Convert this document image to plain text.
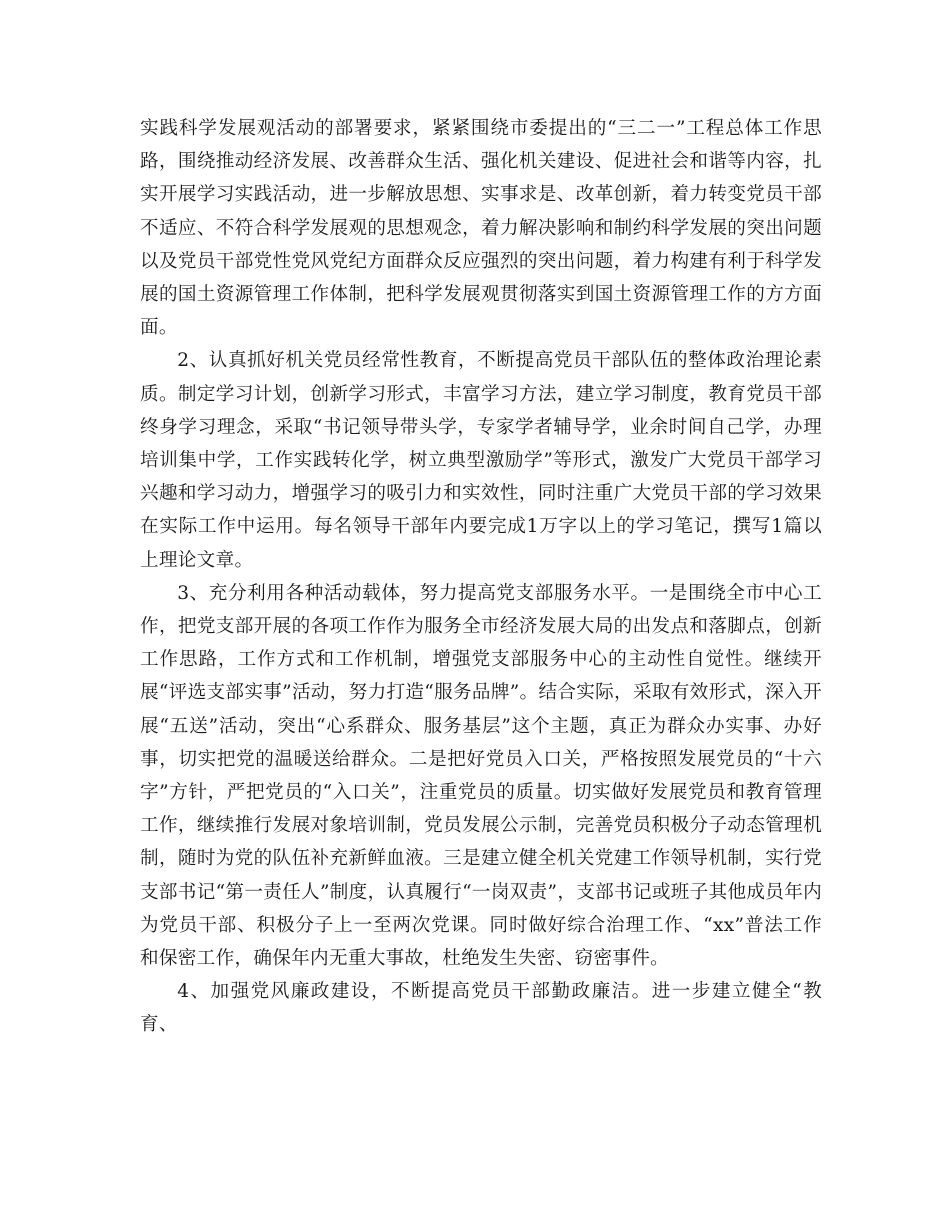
实践科学发展观活动的部署要求，紧紧围绕市委提出的“三二一”工程总体工作思路，围绕推动经济发展、改善群众生活、强化机关建设、促进社会和谐等内容，扎实开展学习实践活动，进一步解放思想、实事求是、改革创新，着力转变党员干部不适应、不符合科学发展观的思想观念，着力解决影响和制约科学发展的突出问题以及党员干部党性党风党纪方面群众反应强烈的突出问题，着力构建有利于科学发展的国土资源管理工作体制，把科学发展观贯彻落实到国土资源管理工作的方方面面。

2、认真抓好机关党员经常性教育，不断提高党员干部队伍的整体政治理论素质。制定学习计划，创新学习形式，丰富学习方法，建立学习制度，教育党员干部终身学习理念，采取“书记领导带头学，专家学者辅导学，业余时间自己学，办理培训集中学，工作实践转化学，树立典型激励学”等形式，激发广大党员干部学习兴趣和学习动力，增强学习的吸引力和实效性，同时注重广大党员干部的学习效果在实际工作中运用。每名领导干部年内要完成1万字以上的学习笔记，撰写1篇以上理论文章。

3、充分利用各种活动载体，努力提高党支部服务水平。一是围绕全市中心工作，把党支部开展的各项工作作为服务全市经济发展大局的出发点和落脚点，创新工作思路，工作方式和工作机制，增强党支部服务中心的主动性自觉性。继续开展“评选支部实事”活动，努力打造“服务品牌”。结合实际，采取有效形式，深入开展“五送”活动，突出“心系群众、服务基层”这个主题，真正为群众办实事、办好事，切实把党的温暖送给群众。二是把好党员入口关，严格按照发展党员的“十六字”方针，严把党员的“入口关”，注重党员的质量。切实做好发展党员和教育管理工作，继续推行发展对象培训制，党员发展公示制，完善党员积极分子动态管理机制，随时为党的队伍补充新鲜血液。三是建立健全机关党建工作领导机制，实行党支部书记“第一责任人”制度，认真履行“一岗双责”，支部书记或班子其他成员年内为党员干部、积极分子上一至两次党课。同时做好综合治理工作、“xx”普法工作和保密工作，确保年内无重大事故，杜绝发生失密、窃密事件。

4、加强党风廉政建设，不断提高党员干部勤政廉洁。进一步建立健全“教育、
